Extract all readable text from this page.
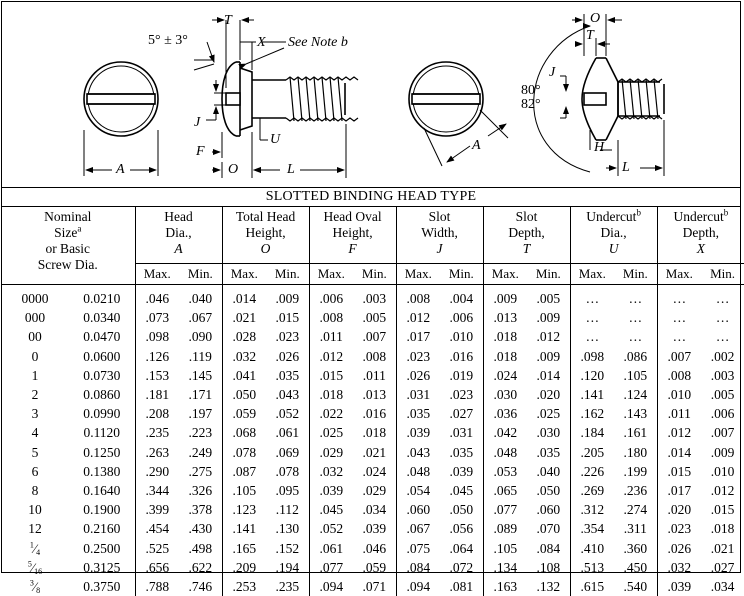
5° ± 3°
T
X See Note b
J
U
F
O	L
A
O
T
J
80°
82°
A	H
L
SLOTTED BINDING HEAD TYPE
Nominal
Size$^a$
or Basic
Screw Dia.		Head
Dia.,
A		Total Head
Height,
O		Head Oval
Height,
F		Slot
Width,
J		Slot
Depth,
T		Undercut$^b$
Dia.,
U		Undercut$^b$
Depth,
X	
		Max.	Min.	Max.	Min.	Max.	Min.	Max.	Min.	Max.	Min.	Max.	Min.	Max.	Min.
0000	0.0210	.046	.040	.014	.009	.006	.003	.008	.004	.009	.005	…	…	…	…
000	0.0340	.073	.067	.021	.015	.008	.005	.012	.006	.013	.009	…	…	…	…
00	0.0470	.098	.090	.028	.023	.011	.007	.017	.010	.018	.012	…	…	…	…
0	0.0600	.126	.119	.032	.026	.012	.008	.023	.016	.018	.009	.098	.086	.007	.002
1	0.0730	.153	.145	.041	.035	.015	.011	.026	.019	.024	.014	.120	.105	.008	.003
2	0.0860	.181	.171	.050	.043	.018	.013	.031	.023	.030	.020	.141	.124	.010	.005
3	0.0990	.208	.197	.059	.052	.022	.016	.035	.027	.036	.025	.162	.143	.011	.006
4	0.1120	.235	.223	.068	.061	.025	.018	.039	.031	.042	.030	.184	.161	.012	.007
5	0.1250	.263	.249	.078	.069	.029	.021	.043	.035	.048	.035	.205	.180	.014	.009
6	0.1380	.290	.275	.087	.078	.032	.024	.048	.039	.053	.040	.226	.199	.015	.010
8	0.1640	.344	.326	.105	.095	.039	.029	.054	.045	.065	.050	.269	.236	.017	.012
10	0.1900	.399	.378	.123	.112	.045	.034	.060	.050	.077	.060	.312	.274	.020	.015
12	0.2160	.454	.430	.141	.130	.052	.039	.067	.056	.089	.070	.354	.311	.023	.018
$^1⁄_4$	0.2500	.525	.498	.165	.152	.061	.046	.075	.064	.105	.084	.410	.360	.026	.021
$^5⁄_{16}$	0.3125	.656	.622	.209	.194	.077	.059	.084	.072	.134	.108	.513	.450	.032	.027
$^3⁄_8$	0.3750	.788	.746	.253	.235	.094	.071	.094	.081	.163	.132	.615	.540	.039	.034
